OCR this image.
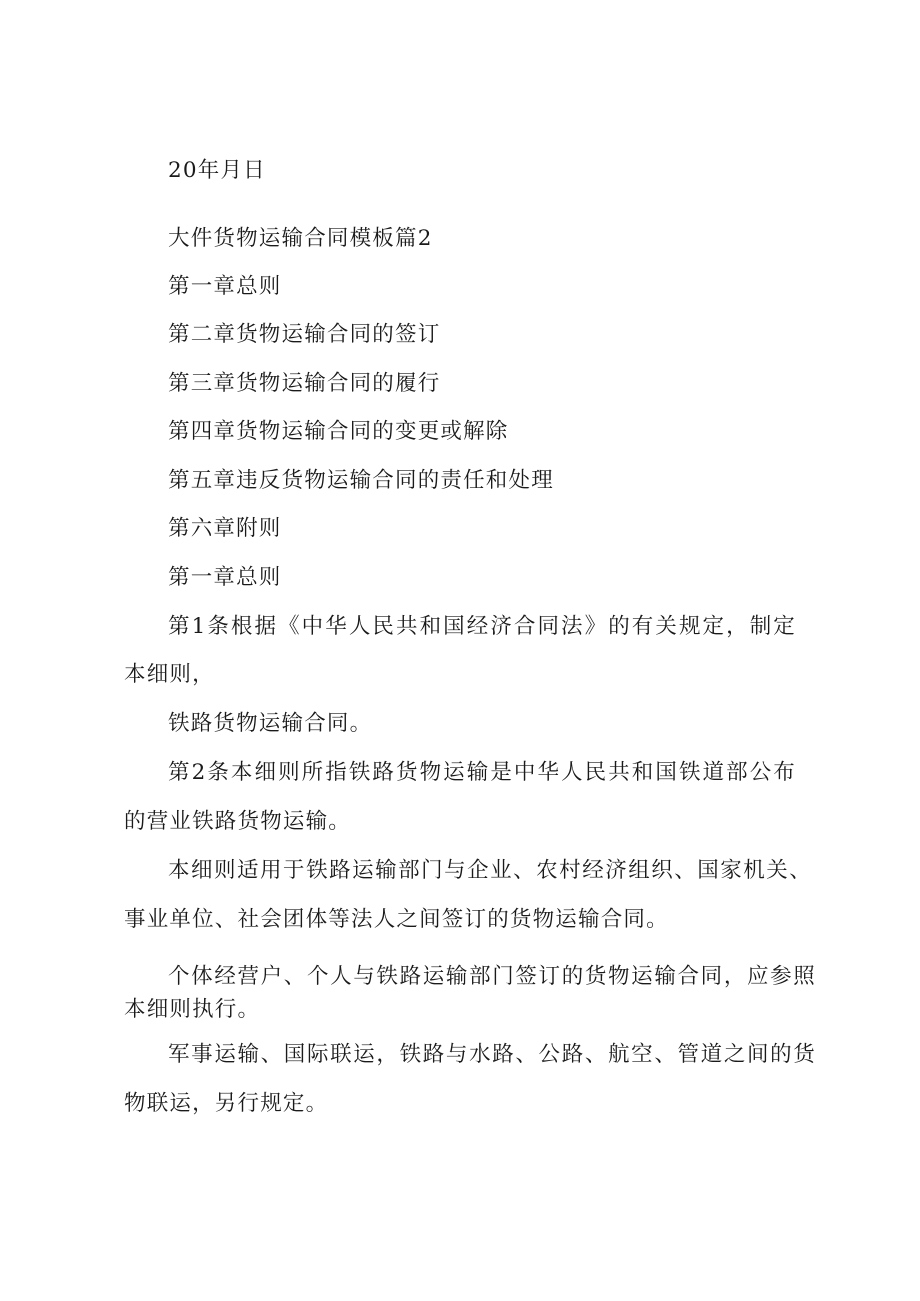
20年月日
大件货物运输合同模板篇2
第一章总则
第二章货物运输合同的签订
第三章货物运输合同的履行
第四章货物运输合同的变更或解除
第五章违反货物运输合同的责任和处理
第六章附则
第一章总则
第1条根据《中华人民共和国经济合同法》的有关规定，制定
本细则，
铁路货物运输合同。
第2条本细则所指铁路货物运输是中华人民共和国铁道部公布
的营业铁路货物运输。
本细则适用于铁路运输部门与企业、农村经济组织、国家机关、
事业单位、社会团体等法人之间签订的货物运输合同。
个体经营户、个人与铁路运输部门签订的货物运输合同，应参照
本细则执行。
军事运输、国际联运，铁路与水路、公路、航空、管道之间的货
物联运，另行规定。
